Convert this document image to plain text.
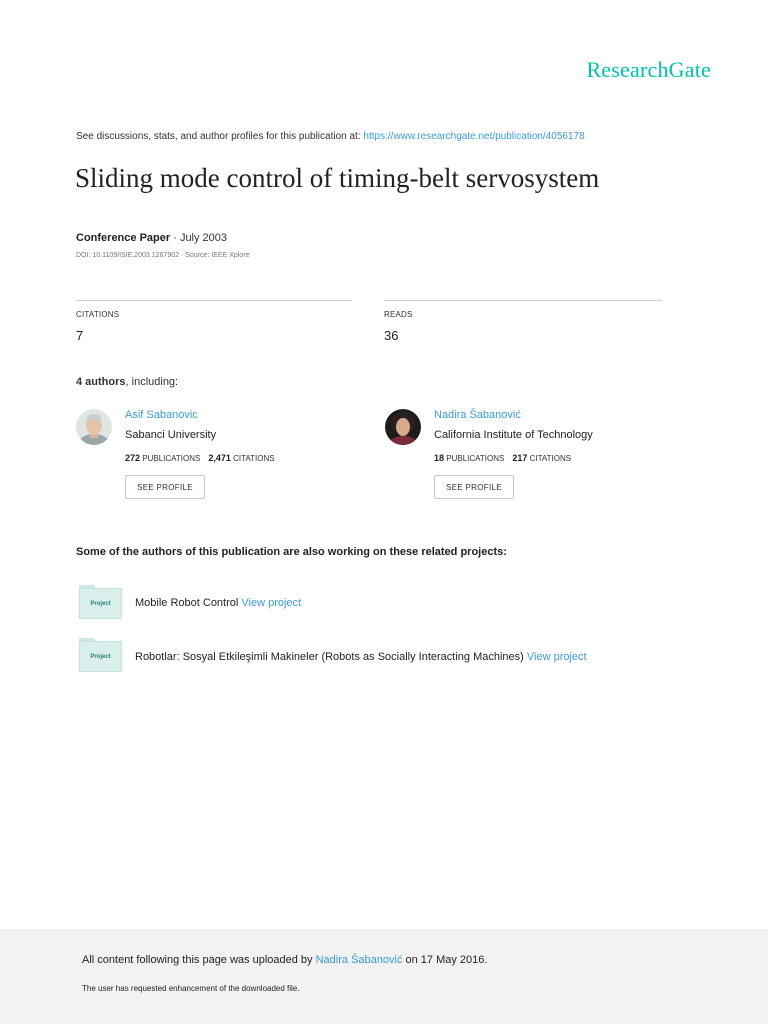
ResearchGate
See discussions, stats, and author profiles for this publication at: https://www.researchgate.net/publication/4056178
Sliding mode control of timing-belt servosystem
Conference Paper · July 2003
DOI: 10.1109/ISIE.2003.1267902 · Source: IEEE Xplore
CITATIONS
7
READS
36
4 authors, including:
Asif Sabanovic
Sabanci University
272 PUBLICATIONS 2,471 CITATIONS
SEE PROFILE
Nadira Šabanović
California Institute of Technology
18 PUBLICATIONS 217 CITATIONS
SEE PROFILE
Some of the authors of this publication are also working on these related projects:
Project	Mobile Robot Control View project
Project	Robotlar: Sosyal Etkileşimli Makineler (Robots as Socially Interacting Machines) View project
All content following this page was uploaded by Nadira Šabanović on 17 May 2016.
The user has requested enhancement of the downloaded file.
